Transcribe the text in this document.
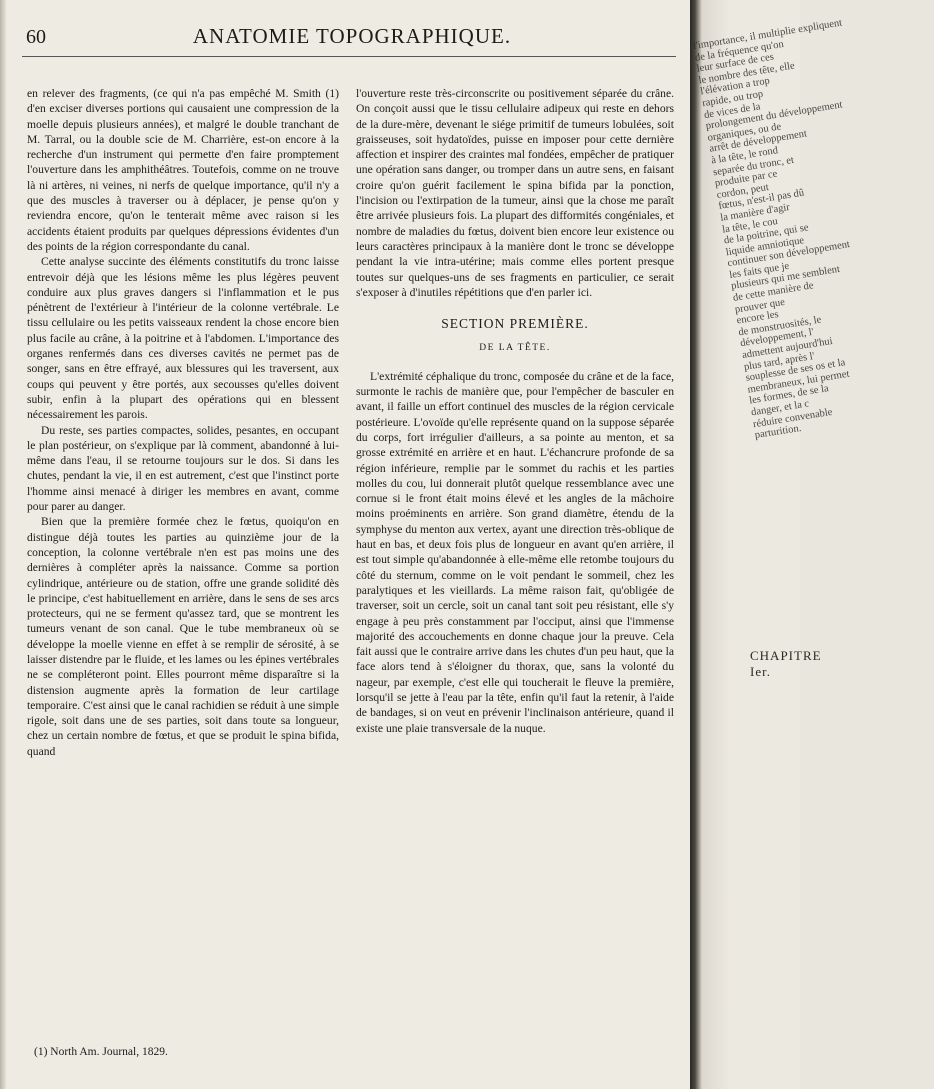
60	ANATOMIE TOPOGRAPHIQUE.

en relever des fragments, (ce qui n'a pas empêché M. Smith (1) d'en exciser diverses portions qui causaient une compression de la moelle depuis plusieurs années), et malgré le double tranchant de M. Tarral, ou la double scie de M. Charrière, est-on encore à la recherche d'un instrument qui permette d'en faire promptement l'ouverture dans les amphithéâtres. Toutefois, comme on ne trouve là ni artères, ni veines, ni nerfs de quelque importance, qu'il n'y a que des muscles à traverser ou à déplacer, je pense qu'on y reviendra encore, qu'on le tenterait même avec raison si les accidents étaient produits par quelques dépressions évidentes d'un des points de la région correspondante du canal.

Cette analyse succinte des éléments constitutifs du tronc laisse entrevoir déjà que les lésions même les plus légères peuvent conduire aux plus graves dangers si l'inflammation et le pus pénètrent de l'extérieur à l'intérieur de la colonne vertébrale. Le tissu cellulaire ou les petits vaisseaux rendent la chose encore bien plus facile au crâne, à la poitrine et à l'abdomen. L'importance des organes renfermés dans ces diverses cavités ne permet pas de songer, sans en être effrayé, aux blessures qui les traversent, aux coups qui peuvent y être portés, aux secousses qu'elles doivent subir, enfin à la plupart des opérations qui en blessent nécessairement les parois.

Du reste, ses parties compactes, solides, pesantes, en occupant le plan postérieur, on s'explique par là comment, abandonné à lui-même dans l'eau, il se retourne toujours sur le dos. Si dans les chutes, pendant la vie, il en est autrement, c'est que l'instinct porte l'homme ainsi menacé à diriger les membres en avant, comme pour parer au danger.

Bien que la première formée chez le fœtus, quoiqu'on en distingue déjà toutes les parties au quinzième jour de la conception, la colonne vertébrale n'en est pas moins une des dernières à compléter après la naissance. Comme sa portion cylindrique, antérieure ou de station, offre une grande solidité dès le principe, c'est habituellement en arrière, dans le sens de ses arcs protecteurs, qui ne se ferment qu'assez tard, que se montrent les tumeurs venant de son canal. Que le tube membraneux où se développe la moelle vienne en effet à se remplir de sérosité, à se laisser distendre par le fluide, et les lames ou les épines vertébrales ne se compléteront point. Elles pourront même disparaître si la distension augmente après la formation de leur cartilage temporaire. C'est ainsi que le canal rachidien se réduit à une simple rigole, soit dans une de ses parties, soit dans toute sa longueur, chez un certain nombre de fœtus, et que se produit le spina bifida, quand

(1) North Am. Journal, 1829.

l'ouverture reste très-circonscrite ou positivement séparée du crâne. On conçoit aussi que le tissu cellulaire adipeux qui reste en dehors de la dure-mère, devenant le siége primitif de tumeurs lobulées, soit graisseuses, soit hydatoïdes, puisse en imposer pour cette dernière affection et inspirer des craintes mal fondées, empêcher de pratiquer une opération sans danger, ou tromper dans un autre sens, en faisant croire qu'on guérit facilement le spina bifida par la ponction, l'incision ou l'extirpation de la tumeur, ainsi que la chose me paraît être arrivée plusieurs fois. La plupart des difformités congéniales, et nombre de maladies du fœtus, doivent bien encore leur existence ou leurs caractères principaux à la manière dont le tronc se développe pendant la vie intra-utérine; mais comme elles portent presque toutes sur quelques-uns de ses fragments en particulier, ce serait s'exposer à d'inutiles répétitions que d'en parler ici.

SECTION PREMIÈRE.
DE LA TÊTE.

L'extrémité céphalique du tronc, composée du crâne et de la face, surmonte le rachis de manière que, pour l'empêcher de basculer en avant, il faille un effort continuel des muscles de la région cervicale postérieure. L'ovoïde qu'elle représente quand on la suppose séparée du corps, fort irrégulier d'ailleurs, a sa pointe au menton, et sa grosse extrémité en arrière et en haut. L'échancrure profonde de sa région inférieure, remplie par le sommet du rachis et les parties molles du cou, lui donnerait plutôt quelque ressemblance avec une cornue si le front était moins élevé et les angles de la mâchoire moins proéminents en arrière. Son grand diamètre, étendu de la symphyse du menton aux vertex, ayant une direction très-oblique de haut en bas, et deux fois plus de longueur en avant qu'en arrière, il est tout simple qu'abandonnée à elle-même elle retombe toujours du côté du sternum, comme on le voit pendant le sommeil, chez les paralytiques et les vieillards. La même raison fait, qu'obligée de traverser, soit un cercle, soit un canal tant soit peu résistant, elle s'y engage à peu près constamment par l'occiput, ainsi que l'immense majorité des accouchements en donne chaque jour la preuve. Cela fait aussi que le contraire arrive dans les chutes d'un peu haut, que la face alors tend à s'éloigner du thorax, que, sans la volonté du nageur, par exemple, c'est elle qui toucherait le fleuve la première, lorsqu'il se jette à l'eau par la tête, enfin qu'il faut la retenir, à l'aide de bandages, si on veut en prévenir l'inclinaison antérieure, quand il existe une plaie transversale de la nuque.

l'importance, il multiplie expliquent
de la fréquence qu'on
leur surface de ces
le nombre des tête, elle
l'élévation a trop
rapide, ou trop
de vices de la
prolongement du développement
organiques, ou de
arrêt de développement
à la tête, le rond
separée du tronc, et
produite par ce
cordon, peut
fœtus, n'est-il pas dû
la manière d'agir
la tête, le cou
de la poitrine, qui se
liquide amniotique
continuer son développement
les faits que je
plusieurs qui me semblent
de cette manière de
prouver que
encore les
de monstruosités, le
développement, l'
admettent aujourd'hui
plus tard, après l'
souplesse de ses os et la
membraneux, lui permet
les formes, de se la
danger, et la c
réduire convenable
parturition.
CHAPITRE Ier.
